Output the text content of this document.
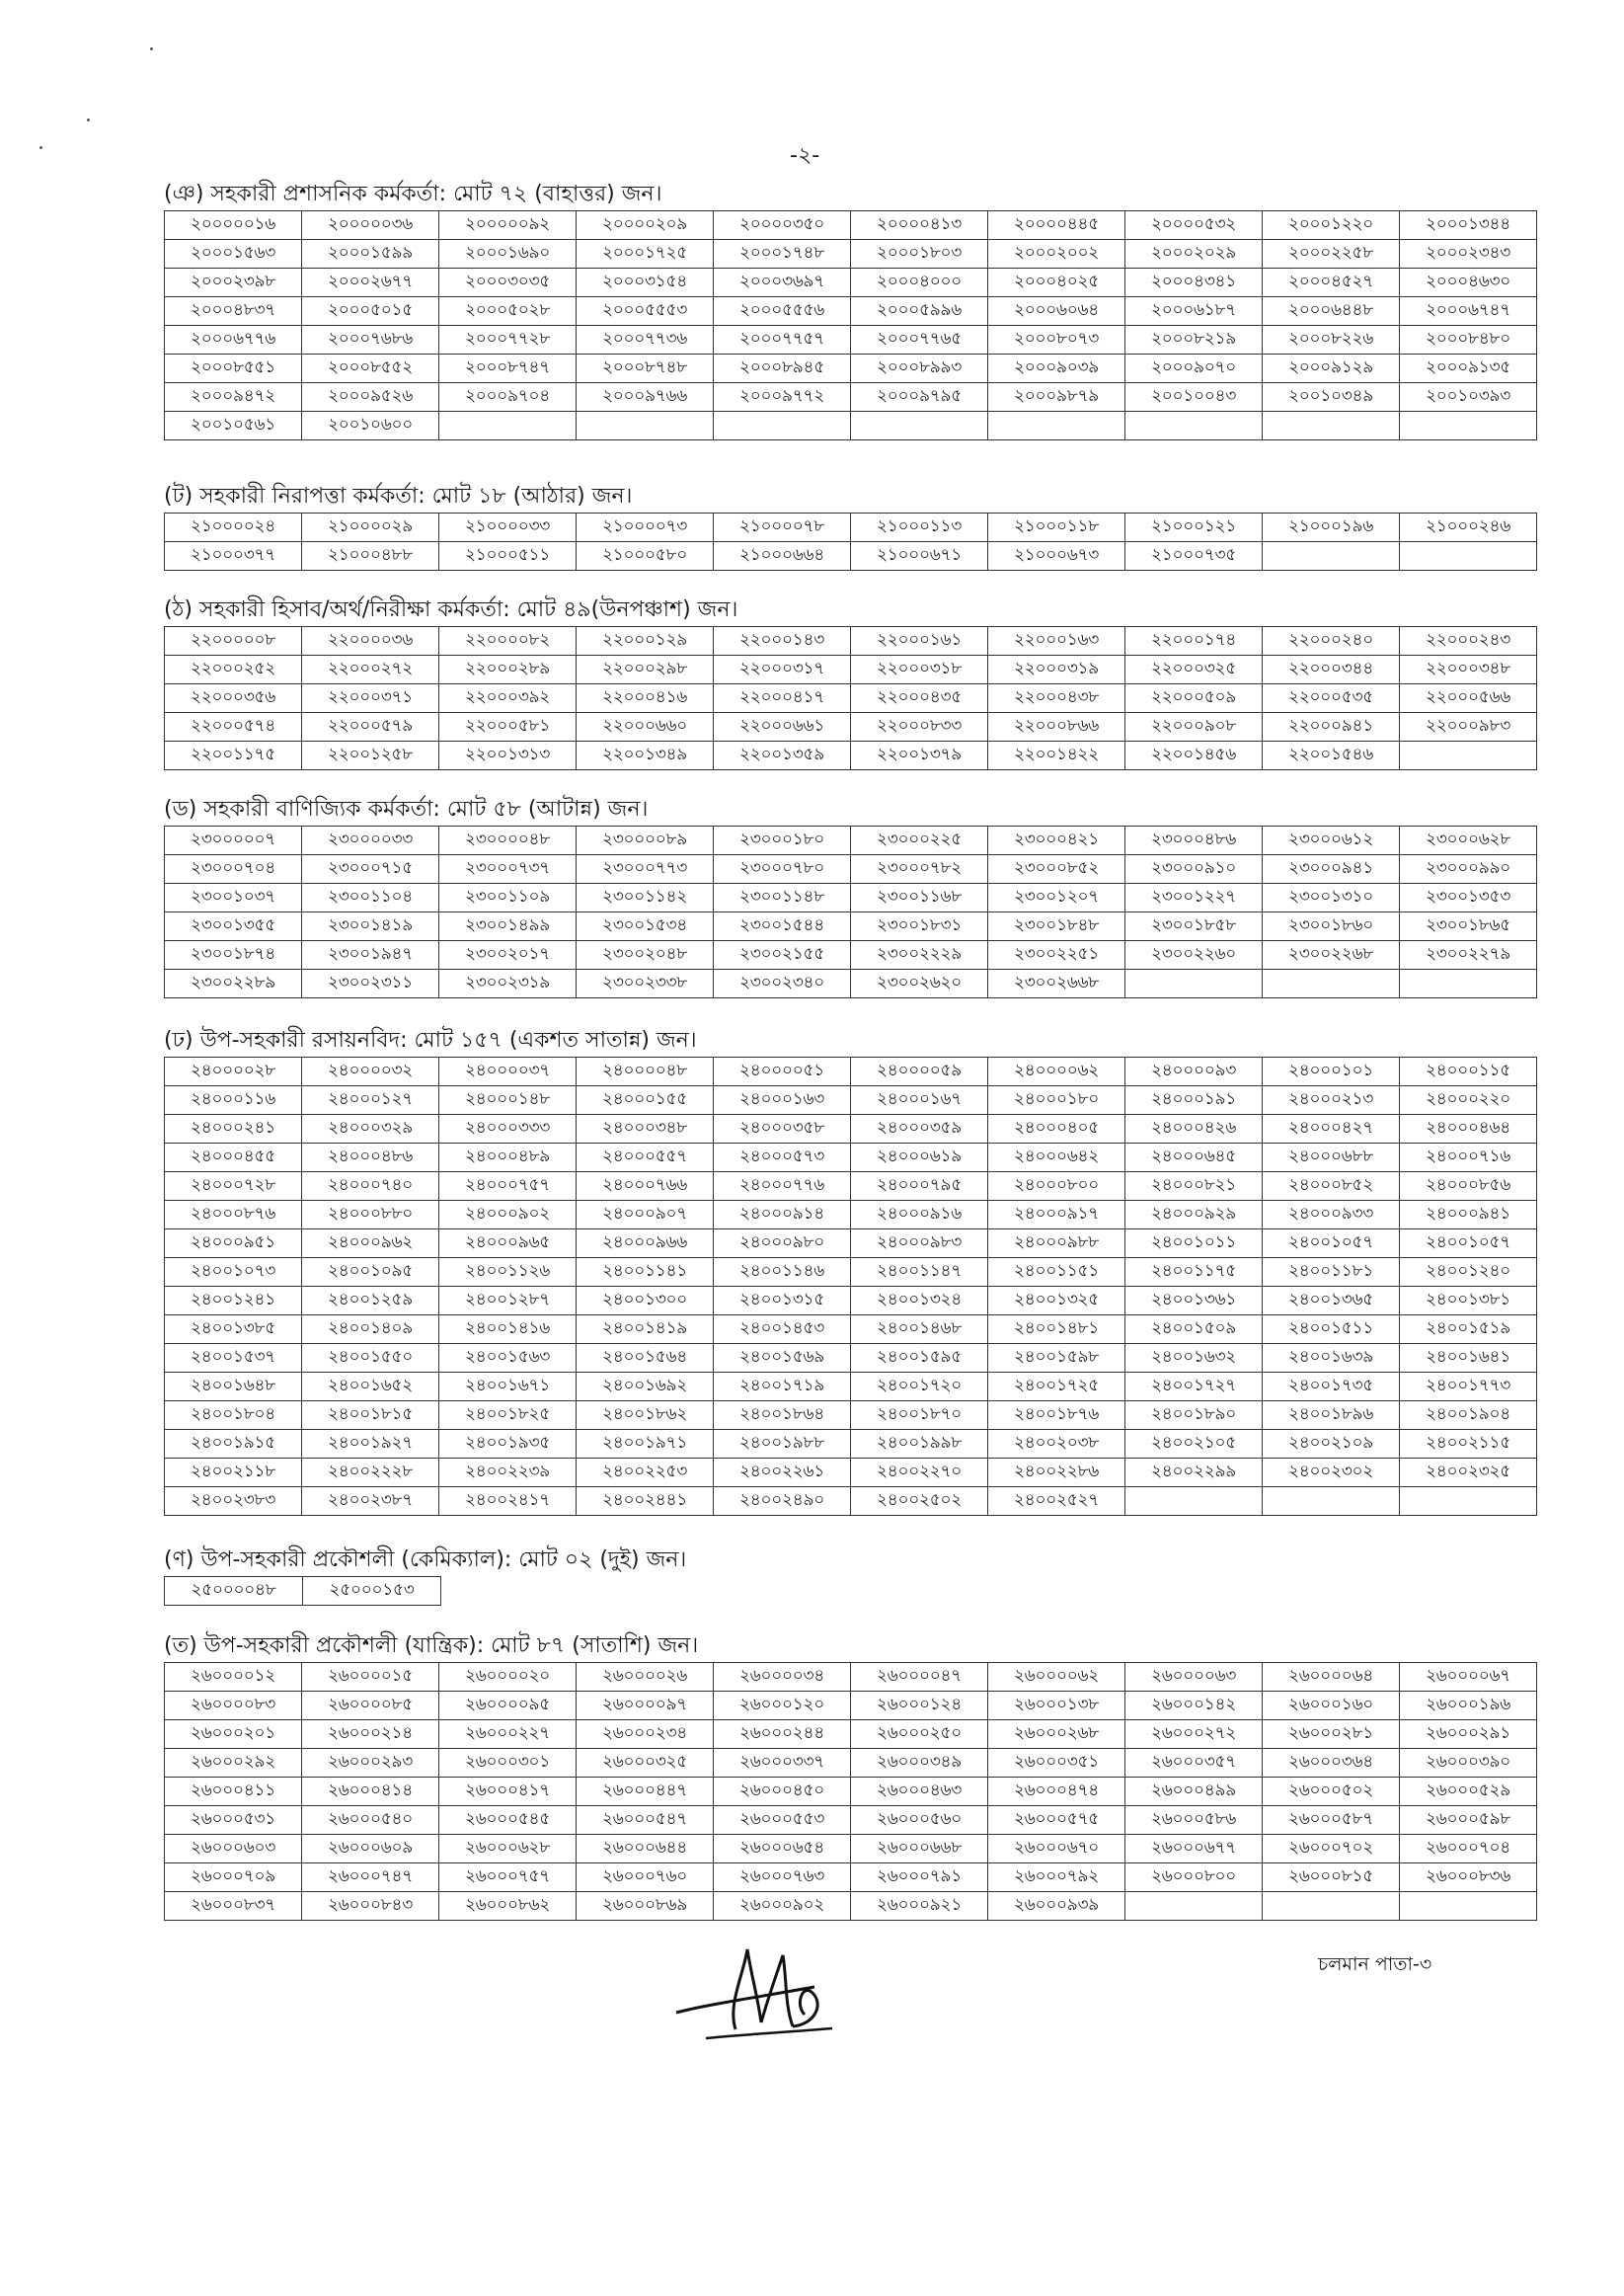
-২-
(ঞ) সহকারী প্রশাসনিক কর্মকর্তা: মোট ৭২ (বাহাত্তর) জন।
২০০০০০১৬	২০০০০০৩৬	২০০০০০৯২	২০০০০২০৯	২০০০০৩৫০	২০০০০৪১৩	২০০০০৪৪৫	২০০০০৫৩২	২০০০১২২০	২০০০১৩৪৪
২০০০১৫৬৩	২০০০১৫৯৯	২০০০১৬৯০	২০০০১৭২৫	২০০০১৭৪৮	২০০০১৮০৩	২০০০২০০২	২০০০২০২৯	২০০০২২৫৮	২০০০২৩৪৩
২০০০২৩৯৮	২০০০২৬৭৭	২০০০৩০৩৫	২০০০৩১৫৪	২০০০৩৬৯৭	২০০০৪০০০	২০০০৪০২৫	২০০০৪৩৪১	২০০০৪৫২৭	২০০০৪৬৩০
২০০০৪৮৩৭	২০০০৫০১৫	২০০০৫০২৮	২০০০৫৫৫৩	২০০০৫৫৫৬	২০০০৫৯৯৬	২০০০৬০৬৪	২০০০৬১৮৭	২০০০৬৪৪৮	২০০০৬৭৪৭
২০০০৬৭৭৬	২০০০৭৬৮৬	২০০০৭৭২৮	২০০০৭৭৩৬	২০০০৭৭৫৭	২০০০৭৭৬৫	২০০০৮০৭৩	২০০০৮২১৯	২০০০৮২২৬	২০০০৮৪৮০
২০০০৮৫৫১	২০০০৮৫৫২	২০০০৮৭৪৭	২০০০৮৭৪৮	২০০০৮৯৪৫	২০০০৮৯৯৩	২০০০৯০৩৯	২০০০৯০৭০	২০০০৯১২৯	২০০০৯১৩৫
২০০০৯৪৭২	২০০০৯৫২৬	২০০০৯৭০৪	২০০০৯৭৬৬	২০০০৯৭৭২	২০০০৯৭৯৫	২০০০৯৮৭৯	২০০১০০৪৩	২০০১০৩৪৯	২০০১০৩৯৩
২০০১০৫৬১	২০০১০৬০০								
(ট) সহকারী নিরাপত্তা কর্মকর্তা: মোট ১৮ (আঠার) জন।
২১০০০০২৪	২১০০০০২৯	২১০০০০৩৩	২১০০০০৭৩	২১০০০০৭৮	২১০০০১১৩	২১০০০১১৮	২১০০০১২১	২১০০০১৯৬	২১০০০২৪৬
২১০০০৩৭৭	২১০০০৪৮৮	২১০০০৫১১	২১০০০৫৮০	২১০০০৬৬৪	২১০০০৬৭১	২১০০০৬৭৩	২১০০০৭৩৫		
(ঠ) সহকারী হিসাব/অর্থ/নিরীক্ষা কর্মকর্তা: মোট ৪৯(উনপঞ্চাশ) জন।
২২০০০০০৮	২২০০০০৩৬	২২০০০০৮২	২২০০০১২৯	২২০০০১৪৩	২২০০০১৬১	২২০০০১৬৩	২২০০০১৭৪	২২০০০২৪০	২২০০০২৪৩
২২০০০২৫২	২২০০০২৭২	২২০০০২৮৯	২২০০০২৯৮	২২০০০৩১৭	২২০০০৩১৮	২২০০০৩১৯	২২০০০৩২৫	২২০০০৩৪৪	২২০০০৩৪৮
২২০০০৩৫৬	২২০০০৩৭১	২২০০০৩৯২	২২০০০৪১৬	২২০০০৪১৭	২২০০০৪৩৫	২২০০০৪৩৮	২২০০০৫০৯	২২০০০৫৩৫	২২০০০৫৬৬
২২০০০৫৭৪	২২০০০৫৭৯	২২০০০৫৮১	২২০০০৬৬০	২২০০০৬৬১	২২০০০৮৩৩	২২০০০৮৬৬	২২০০০৯০৮	২২০০০৯৪১	২২০০০৯৮৩
২২০০১১৭৫	২২০০১২৫৮	২২০০১৩১৩	২২০০১৩৪৯	২২০০১৩৫৯	২২০০১৩৭৯	২২০০১৪২২	২২০০১৪৫৬	২২০০১৫৪৬	
(ড) সহকারী বাণিজ্যিক কর্মকর্তা: মোট ৫৮ (আটান্ন) জন।
২৩০০০০০৭	২৩০০০০৩৩	২৩০০০০৪৮	২৩০০০০৮৯	২৩০০০১৮০	২৩০০০২২৫	২৩০০০৪২১	২৩০০০৪৮৬	২৩০০০৬১২	২৩০০০৬২৮
২৩০০০৭০৪	২৩০০০৭১৫	২৩০০০৭৩৭	২৩০০০৭৭৩	২৩০০০৭৮০	২৩০০০৭৮২	২৩০০০৮৫২	২৩০০০৯১০	২৩০০০৯৪১	২৩০০০৯৯০
২৩০০১০৩৭	২৩০০১১০৪	২৩০০১১০৯	২৩০০১১৪২	২৩০০১১৪৮	২৩০০১১৬৮	২৩০০১২০৭	২৩০০১২২৭	২৩০০১৩১০	২৩০০১৩৫৩
২৩০০১৩৫৫	২৩০০১৪১৯	২৩০০১৪৯৯	২৩০০১৫৩৪	২৩০০১৫৪৪	২৩০০১৮৩১	২৩০০১৮৪৮	২৩০০১৮৫৮	২৩০০১৮৬০	২৩০০১৮৬৫
২৩০০১৮৭৪	২৩০০১৯৪৭	২৩০০২০১৭	২৩০০২০৪৮	২৩০০২১৫৫	২৩০০২২২৯	২৩০০২২৫১	২৩০০২২৬০	২৩০০২২৬৮	২৩০০২২৭৯
২৩০০২২৮৯	২৩০০২৩১১	২৩০০২৩১৯	২৩০০২৩৩৮	২৩০০২৩৪০	২৩০০২৬২০	২৩০০২৬৬৮			
(ঢ) উপ-সহকারী রসায়নবিদ: মোট ১৫৭ (একশত সাতান্ন) জন।
২৪০০০০২৮	২৪০০০০৩২	২৪০০০০৩৭	২৪০০০০৪৮	২৪০০০০৫১	২৪০০০০৫৯	২৪০০০০৬২	২৪০০০০৯৩	২৪০০০১০১	২৪০০০১১৫
২৪০০০১১৬	২৪০০০১২৭	২৪০০০১৪৮	২৪০০০১৫৫	২৪০০০১৬৩	২৪০০০১৬৭	২৪০০০১৮০	২৪০০০১৯১	২৪০০০২১৩	২৪০০০২২০
২৪০০০২৪১	২৪০০০৩২৯	২৪০০০৩৩৩	২৪০০০৩৪৮	২৪০০০৩৫৮	২৪০০০৩৫৯	২৪০০০৪০৫	২৪০০০৪২৬	২৪০০০৪২৭	২৪০০০৪৬৪
২৪০০০৪৫৫	২৪০০০৪৮৬	২৪০০০৪৮৯	২৪০০০৫৫৭	২৪০০০৫৭৩	২৪০০০৬১৯	২৪০০০৬৪২	২৪০০০৬৪৫	২৪০০০৬৮৮	২৪০০০৭১৬
২৪০০০৭২৮	২৪০০০৭৪০	২৪০০০৭৫৭	২৪০০০৭৬৬	২৪০০০৭৭৬	২৪০০০৭৯৫	২৪০০০৮০০	২৪০০০৮২১	২৪০০০৮৫২	২৪০০০৮৫৬
২৪০০০৮৭৬	২৪০০০৮৮০	২৪০০০৯০২	২৪০০০৯০৭	২৪০০০৯১৪	২৪০০০৯১৬	২৪০০০৯১৭	২৪০০০৯২৯	২৪০০০৯৩৩	২৪০০০৯৪১
২৪০০০৯৫১	২৪০০০৯৬২	২৪০০০৯৬৫	২৪০০০৯৬৬	২৪০০০৯৮০	২৪০০০৯৮৩	২৪০০০৯৮৮	২৪০০১০১১	২৪০০১০৫৭	২৪০০১০৫৭
২৪০০১০৭৩	২৪০০১০৯৫	২৪০০১১২৬	২৪০০১১৪১	২৪০০১১৪৬	২৪০০১১৪৭	২৪০০১১৫১	২৪০০১১৭৫	২৪০০১১৮১	২৪০০১২৪০
২৪০০১২৪১	২৪০০১২৫৯	২৪০০১২৮৭	২৪০০১৩০০	২৪০০১৩১৫	২৪০০১৩২৪	২৪০০১৩২৫	২৪০০১৩৬১	২৪০০১৩৬৫	২৪০০১৩৮১
২৪০০১৩৮৫	২৪০০১৪০৯	২৪০০১৪১৬	২৪০০১৪১৯	২৪০০১৪৫৩	২৪০০১৪৬৮	২৪০০১৪৮১	২৪০০১৫০৯	২৪০০১৫১১	২৪০০১৫১৯
২৪০০১৫৩৭	২৪০০১৫৫০	২৪০০১৫৬৩	২৪০০১৫৬৪	২৪০০১৫৬৯	২৪০০১৫৯৫	২৪০০১৫৯৮	২৪০০১৬৩২	২৪০০১৬৩৯	২৪০০১৬৪১
২৪০০১৬৪৮	২৪০০১৬৫২	২৪০০১৬৭১	২৪০০১৬৯২	২৪০০১৭১৯	২৪০০১৭২০	২৪০০১৭২৫	২৪০০১৭২৭	২৪০০১৭৩৫	২৪০০১৭৭৩
২৪০০১৮০৪	২৪০০১৮১৫	২৪০০১৮২৫	২৪০০১৮৬২	২৪০০১৮৬৪	২৪০০১৮৭০	২৪০০১৮৭৬	২৪০০১৮৯০	২৪০০১৮৯৬	২৪০০১৯০৪
২৪০০১৯১৫	২৪০০১৯২৭	২৪০০১৯৩৫	২৪০০১৯৭১	২৪০০১৯৮৮	২৪০০১৯৯৮	২৪০০২০৩৮	২৪০০২১০৫	২৪০০২১০৯	২৪০০২১১৫
২৪০০২১১৮	২৪০০২২২৮	২৪০০২২৩৯	২৪০০২২৫৩	২৪০০২২৬১	২৪০০২২৭০	২৪০০২২৮৬	২৪০০২২৯৯	২৪০০২৩০২	২৪০০২৩২৫
২৪০০২৩৮৩	২৪০০২৩৮৭	২৪০০২৪১৭	২৪০০২৪৪১	২৪০০২৪৯০	২৪০০২৫০২	২৪০০২৫২৭			
(ণ) উপ-সহকারী প্রকৌশলী (কেমিক্যাল): মোট ০২ (দুই) জন।
২৫০০০০৪৮	২৫০০০১৫৩
(ত) উপ-সহকারী প্রকৌশলী (যান্ত্রিক): মোট ৮৭ (সাতাশি) জন।
২৬০০০০১২	২৬০০০০১৫	২৬০০০০২০	২৬০০০০২৬	২৬০০০০৩৪	২৬০০০০৪৭	২৬০০০০৬২	২৬০০০০৬৩	২৬০০০০৬৪	২৬০০০০৬৭
২৬০০০০৮৩	২৬০০০০৮৫	২৬০০০০৯৫	২৬০০০০৯৭	২৬০০০১২০	২৬০০০১২৪	২৬০০০১৩৮	২৬০০০১৪২	২৬০০০১৬০	২৬০০০১৯৬
২৬০০০২০১	২৬০০০২১৪	২৬০০০২২৭	২৬০০০২৩৪	২৬০০০২৪৪	২৬০০০২৫০	২৬০০০২৬৮	২৬০০০২৭২	২৬০০০২৮১	২৬০০০২৯১
২৬০০০২৯২	২৬০০০২৯৩	২৬০০০৩০১	২৬০০০৩২৫	২৬০০০৩৩৭	২৬০০০৩৪৯	২৬০০০৩৫১	২৬০০০৩৫৭	২৬০০০৩৬৪	২৬০০০৩৯০
২৬০০০৪১১	২৬০০০৪১৪	২৬০০০৪১৭	২৬০০০৪৪৭	২৬০০০৪৫০	২৬০০০৪৬৩	২৬০০০৪৭৪	২৬০০০৪৯৯	২৬০০০৫০২	২৬০০০৫২৯
২৬০০০৫৩১	২৬০০০৫৪০	২৬০০০৫৪৫	২৬০০০৫৪৭	২৬০০০৫৫৩	২৬০০০৫৬০	২৬০০০৫৭৫	২৬০০০৫৮৬	২৬০০০৫৮৭	২৬০০০৫৯৮
২৬০০০৬০৩	২৬০০০৬০৯	২৬০০০৬২৮	২৬০০০৬৪৪	২৬০০০৬৫৪	২৬০০০৬৬৮	২৬০০০৬৭০	২৬০০০৬৭৭	২৬০০০৭০২	২৬০০০৭০৪
২৬০০০৭০৯	২৬০০০৭৪৭	২৬০০০৭৫৭	২৬০০০৭৬০	২৬০০০৭৬৩	২৬০০০৭৯১	২৬০০০৭৯২	২৬০০০৮০০	২৬০০০৮১৫	২৬০০০৮৩৬
২৬০০০৮৩৭	২৬০০০৮৪৩	২৬০০০৮৬২	২৬০০০৮৬৯	২৬০০০৯০২	২৬০০০৯২১	২৬০০০৯৩৯			
চলমান পাতা-৩
